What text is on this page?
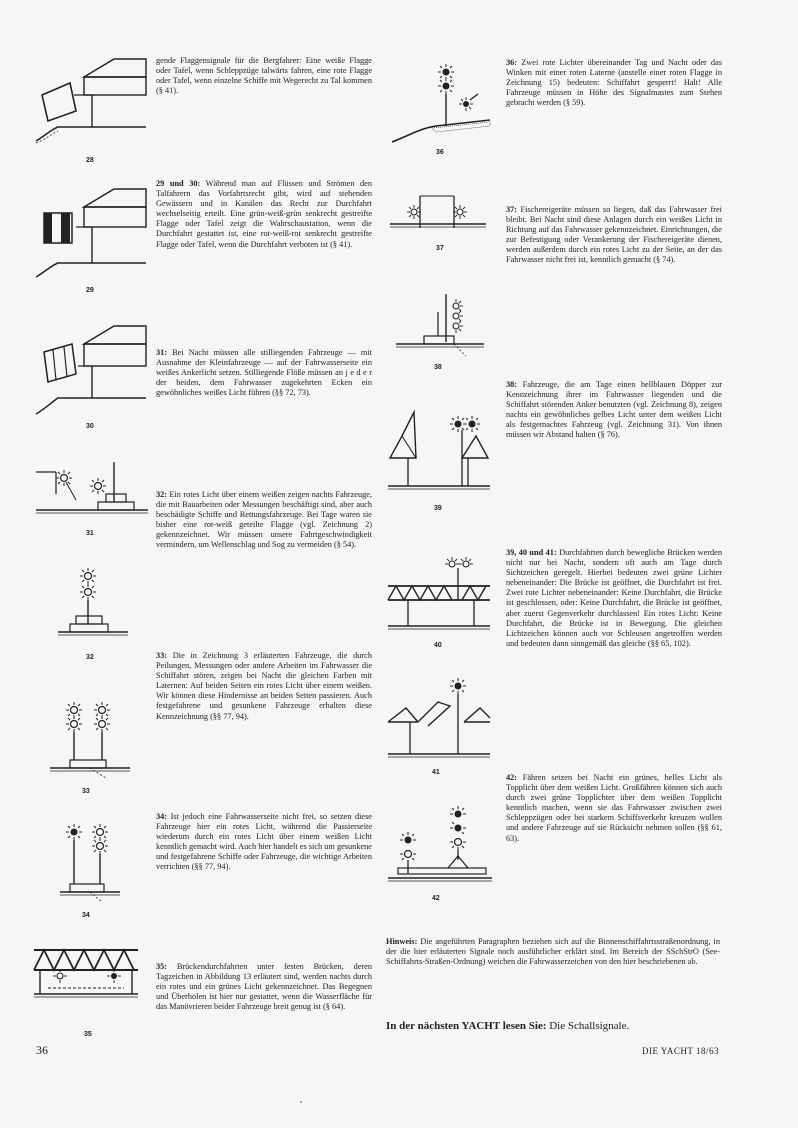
28
29
30
31
32
33
34
35

gende Flaggensignale für die Bergfahrer: Eine weiße Flagge oder Tafel, wenn Schleppzüge talwärts fahren, eine rote Flagge oder Tafel, wenn einzelne Schiffe mit Wegerecht zu Tal kommen (§ 41).

29 und 30: Während man auf Flüssen und Strömen den Talfahrern das Vorfahrtsrecht gibt, wird auf stehenden Gewässern und in Kanälen das Recht zur Durchfahrt wechselseitig erteilt. Eine grün-weiß-grün senkrecht gestreifte Flagge oder Tafel zeigt die Wahrschaustation, wenn die Durchfahrt gestattet ist, eine rot-weiß-rot senkrecht gestreifte Flagge oder Tafel, wenn die Durchfahrt verboten ist (§ 41).

31: Bei Nacht müssen alle stilliegenden Fahrzeuge — mit Ausnahme der Kleinfahrzeuge — auf der Fahrwasserseite ein weißes Ankerlicht setzen. Stilliegende Flöße müssen an j e d e r der beiden, dem Fahrwasser zugekehrten Ecken ein gewöhnliches weißes Licht führen (§§ 72, 73).

32: Ein rotes Licht über einem weißen zeigen nachts Fahrzeuge, die mit Bauarbeiten oder Messungen beschäftigt sind, aber auch beschädigte Schiffe und Rettungsfahrzeuge. Bei Tage waren sie bisher eine rot-weiß geteilte Flagge (vgl. Zeichnung 2) gekennzeichnet. Wir müssen unsere Fahrtgeschwindigkeit vermindern, um Wellenschlag und Sog zu vermeiden (§ 54).

33: Die in Zeichnung 3 erläuterten Fahrzeuge, die durch Peilungen, Messungen oder andere Arbeiten im Fahrwasser die Schiffahrt stören, zeigen bei Nacht die gleichen Farben mit Laternen: Auf beiden Seiten ein rotes Licht über einem weißen. Wir können diese Hindernisse an beiden Seiten passieren. Auch festgefahrene und gesunkene Fahrzeuge erhalten diese Kennzeichnung (§§ 77, 94).

34: Ist jedoch eine Fahrwasserseite nicht frei, so setzen diese Fahrzeuge hier ein rotes Licht, während die Passierseite wiederum durch ein rotes Licht über einem weißen Licht kenntlich gemacht wird. Auch hier handelt es sich um gesunkene und festgefahrene Schiffe oder Fahrzeuge, die wichtige Arbeiten verrichten (§§ 77, 94).

35: Brückendurchfahrten unter festen Brücken, deren Tagzeichen in Abbildung 13 erläutert sind, werden nachts durch ein rotes und ein grünes Licht gekennzeichnet. Das Begegnen und Überholen ist hier nur gestattet, wenn die Wasserfläche für das Manövrieren beider Fahrzeuge breit genug ist (§ 64).

36
37
38
39
40
41
42

36: Zwei rote Lichter übereinander Tag und Nacht oder das Winken mit einer roten Laterne (anstelle einer roten Flagge in Zeichnung 15) bedeuten: Schiffahrt gesperrt! Halt! Alle Fahrzeuge müssen in Höhe des Signalmastes zum Stehen gebracht werden (§ 59).

37: Fischereigeräte müssen so liegen, daß das Fahrwasser frei bleibt. Bei Nacht sind diese Anlagen durch ein weißes Licht in Richtung auf das Fahrwasser gekennzeichnet. Einrichtungen, die zur Befestigung oder Verankerung der Fischereigeräte dienen, werden außerdem durch ein rotes Licht zu der Seite, an der das Fahrwasser nicht frei ist, kenntlich gemacht (§ 74).

38: Fahrzeuge, die am Tage einen hellblauen Döpper zur Kennzeichnung ihrer im Fahrwasser liegenden und die Schiffahrt störenden Anker benutzten (vgl. Zeichnung 8), zeigen nachts ein gewöhnliches gelbes Licht unter dem weißen Licht als festgemachtes Fahrzeug (vgl. Zeichnung 31). Von ihnen müssen wir Abstand halten (§ 76).

39, 40 und 41: Durchfahrten durch bewegliche Brücken werden nicht nur bei Nacht, sondern oft auch am Tage durch Sichtzeichen geregelt. Hierbei bedeuten zwei grüne Lichter nebeneinander: Die Brücke ist geöffnet, die Durchfahrt ist frei. Zwei rote Lichter nebeneinander: Keine Durchfahrt, die Brücke ist geschlossen, oder: Keine Durchfahrt, die Brücke ist geöffnet, aber zuerst Gegenverkehr durchlassen! Ein rotes Licht: Keine Durchfahrt, die Brücke ist in Bewegung. Die gleichen Lichtzeichen können auch vor Schleusen angetroffen werden und bedeuten dann sinngemäß das gleiche (§§ 65, 102).

42: Fähren setzen bei Nacht ein grünes, helles Licht als Topplicht über dem weißen Licht. Großfähren können sich auch durch zwei grüne Topplichter über dem weißen Topplicht kenntlich machen, wenn sie das Fahrwasser zwischen zwei Schleppzügen oder bei starkem Schiffsverkehr kreuzen wollen und andere Fahrzeuge auf sie Rücksicht nehmen sollen (§§ 61, 63).

Hinweis: Die angeführten Paragraphen beziehen sich auf die Binnenschiffahrtsstraßenordnung, in der die hier erläuterten Signale noch ausführlicher erklärt sind. Im Bereich der SSchStrO (See-Schiffahrts-Straßen-Ordnung) weichen die Fahrwasserzeichen von den hier beschriebenen ab.
In der nächsten YACHT lesen Sie: Die Schallsignale.
36	DIE YACHT 18/63
